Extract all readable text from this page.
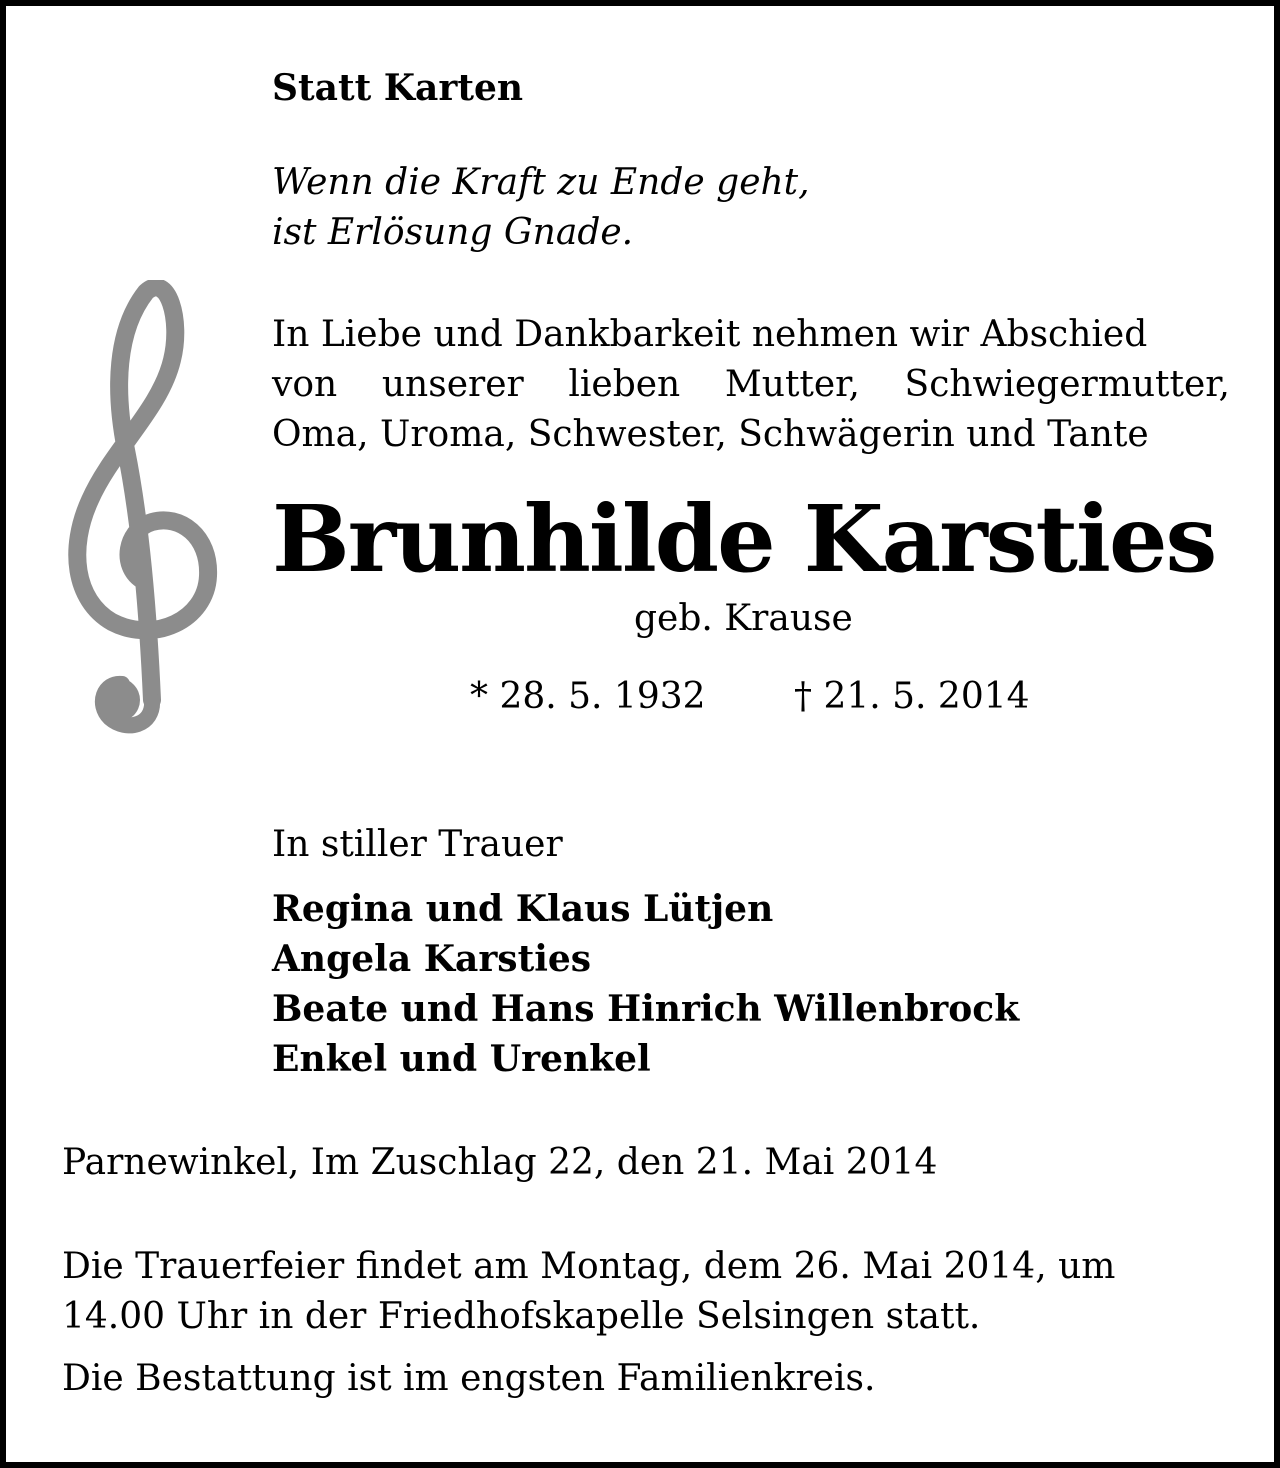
Statt Karten
Wenn die Kraft zu Ende geht,
ist Erlösung Gnade.
In Liebe und Dankbarkeit nehmen wir Abschied
von unserer lieben Mutter, Schwiegermutter,
Oma, Uroma, Schwester, Schwägerin und Tante
Brunhilde Karsties
geb. Krause
* 28. 5. 1932 † 21. 5. 2014
In stiller Trauer
Regina und Klaus Lütjen
Angela Karsties
Beate und Hans Hinrich Willenbrock
Enkel und Urenkel
Parnewinkel, Im Zuschlag 22, den 21. Mai 2014
Die Trauerfeier findet am Montag, dem 26. Mai 2014, um
14.00 Uhr in der Friedhofskapelle Selsingen statt.
Die Bestattung ist im engsten Familienkreis.
